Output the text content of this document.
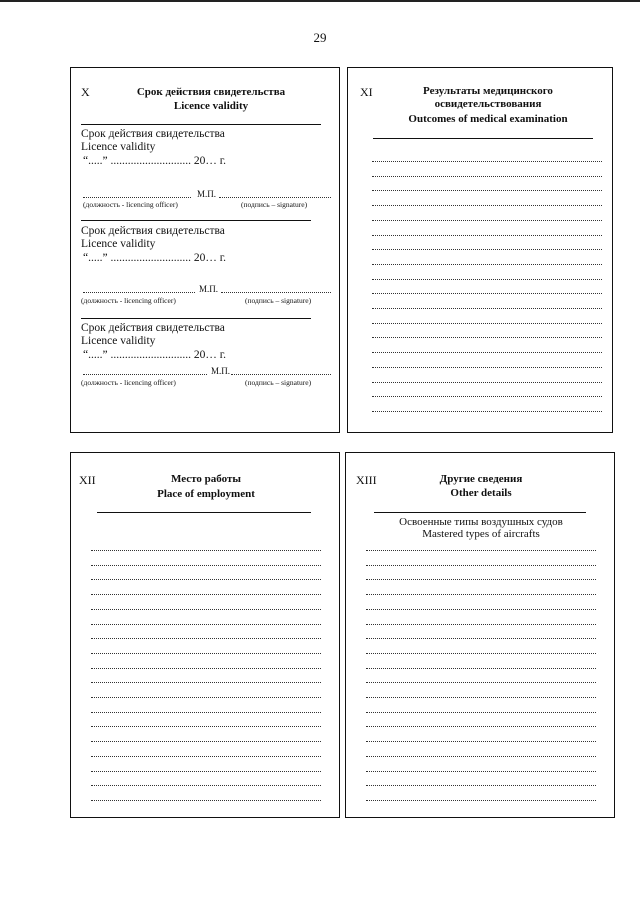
29
X	Срок действия свидетельства
Licence validity
Срок действия свидетельства
Licence validity
“.....” ............................ 20… г.
М.П.
(должность - licencing officer)	(подпись – signature)
Срок действия свидетельства
Licence validity
“.....” ............................ 20… г.
М.П.
(должность - licencing officer)	(подпись – signature)
Срок действия свидетельства
Licence validity
“.....” ............................ 20… г.
М.П.
(должность - licencing officer)	(подпись – signature)
XI	Результаты медицинского
освидетельствования
Outcomes of medical examination
XII	Место работы
Place of employment
XIII	Другие сведения
Other details
Освоенные типы воздушных судов
Mastered types of aircrafts
